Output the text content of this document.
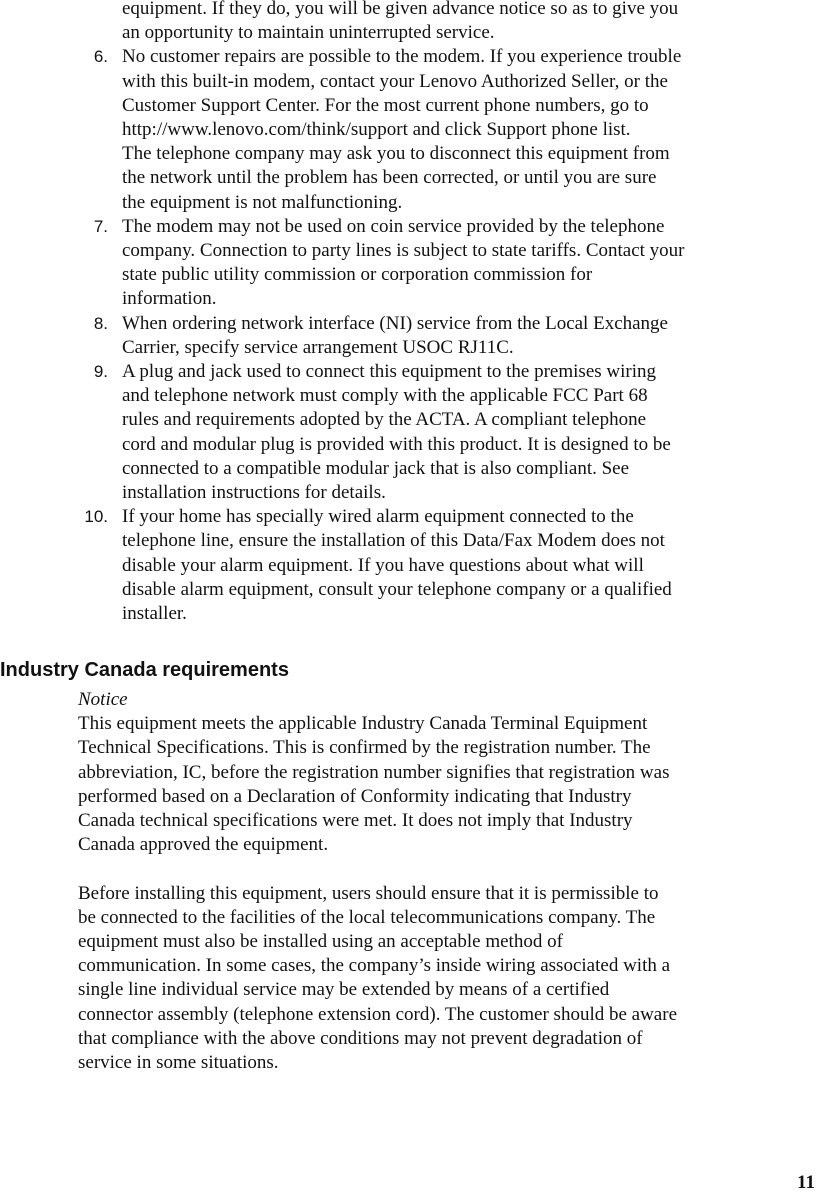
equipment. If they do, you will be given advance notice so as to give you
an opportunity to maintain uninterrupted service.
6. No customer repairs are possible to the modem. If you experience trouble
with this built-in modem, contact your Lenovo Authorized Seller, or the
Customer Support Center. For the most current phone numbers, go to
http://www.lenovo.com/think/support and click Support phone list.
The telephone company may ask you to disconnect this equipment from
the network until the problem has been corrected, or until you are sure
the equipment is not malfunctioning.
7. The modem may not be used on coin service provided by the telephone
company. Connection to party lines is subject to state tariffs. Contact your
state public utility commission or corporation commission for
information.
8. When ordering network interface (NI) service from the Local Exchange
Carrier, specify service arrangement USOC RJ11C.
9. A plug and jack used to connect this equipment to the premises wiring
and telephone network must comply with the applicable FCC Part 68
rules and requirements adopted by the ACTA. A compliant telephone
cord and modular plug is provided with this product. It is designed to be
connected to a compatible modular jack that is also compliant. See
installation instructions for details.
10. If your home has specially wired alarm equipment connected to the
telephone line, ensure the installation of this Data/Fax Modem does not
disable your alarm equipment. If you have questions about what will
disable alarm equipment, consult your telephone company or a qualified
installer.
Industry Canada requirements
Notice
This equipment meets the applicable Industry Canada Terminal Equipment
Technical Specifications. This is confirmed by the registration number. The
abbreviation, IC, before the registration number signifies that registration was
performed based on a Declaration of Conformity indicating that Industry
Canada technical specifications were met. It does not imply that Industry
Canada approved the equipment.
Before installing this equipment, users should ensure that it is permissible to
be connected to the facilities of the local telecommunications company. The
equipment must also be installed using an acceptable method of
communication. In some cases, the company’s inside wiring associated with a
single line individual service may be extended by means of a certified
connector assembly (telephone extension cord). The customer should be aware
that compliance with the above conditions may not prevent degradation of
service in some situations.
11
